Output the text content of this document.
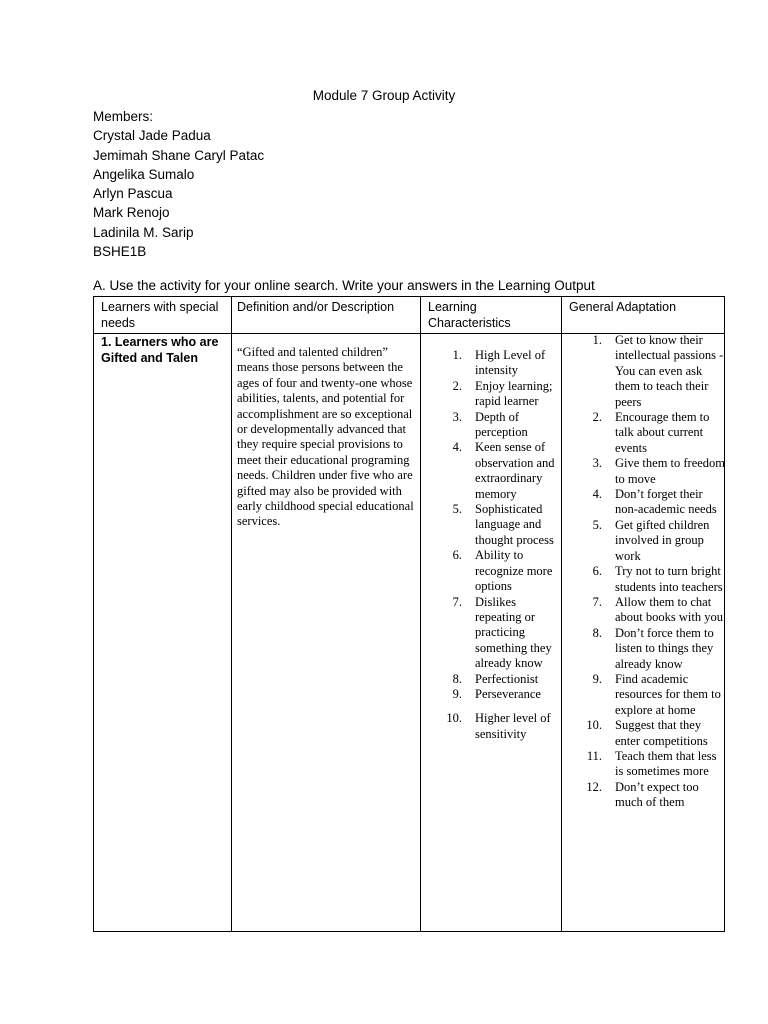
Module 7 Group Activity
Members:
Crystal Jade Padua
Jemimah Shane Caryl Patac
Angelika Sumalo
Arlyn Pascua
Mark Renojo
Ladinila M. Sarip
BSHE1B
A. Use the activity for your online search. Write your answers in the Learning Output
Learners with special needs
Definition and/or Description	Learning Characteristics
General Adaptation
1. Learners who are Gifted and Talen	“Gifted and talented children” means those persons between the ages of four and twenty-one whose abilities, talents, and potential for accomplishment are so exceptional or developmentally advanced that they require special provisions to meet their educational programing needs. Children under five who are gifted may also be provided with early childhood special educational services.
1. High Level of intensity
2. Enjoy learning; rapid learner
3. Depth of perception
4. Keen sense of observation and extraordinary memory
5. Sophisticated language and thought process
6. Ability to recognize more options
7. Dislikes repeating or practicing something they already know
8. Perfectionist
9. Perseverance
10. Higher level of sensitivity
1. Get to know their intellectual passions -You can even ask them to teach their peers
2. Encourage them to talk about current events
3. Give them to freedom to move
4. Don’t forget their non-academic needs
5. Get gifted children involved in group work
6. Try not to turn bright students into teachers
7. Allow them to chat about books with you
8. Don’t force them to listen to things they already know
9. Find academic resources for them to explore at home
10. Suggest that they enter competitions
11. Teach them that less is sometimes more
12. Don’t expect too much of them
